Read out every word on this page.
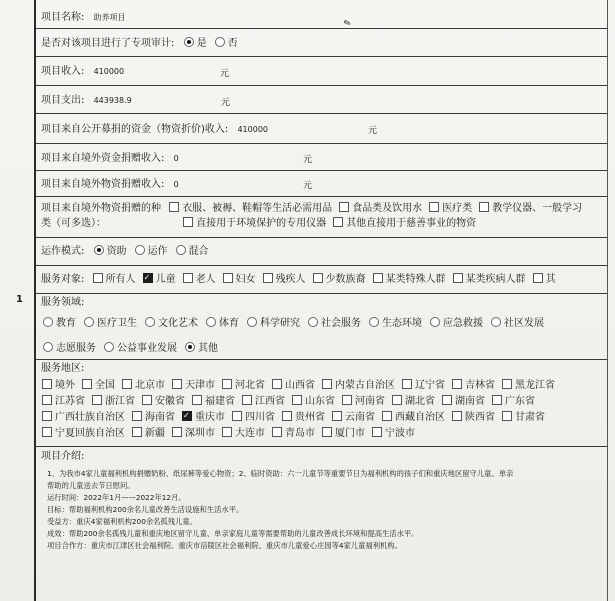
1
✎
项目名称: 助养项目
是否对该项目进行了专项审计: 是 否
项目收入: 410000	元
项目支出: 443938.9	元
项目来自公开募捐的资金（物资折价)收入: 410000	元
项目来自境外资金捐赠收入: 0	元
项目来自境外物资捐赠收入: 0	元
项目来自境外物资捐赠的种 衣服、被褥、鞋帽等生活必需用品 食品类及饮用水 医疗类 教学仪器、一般学习
类（可多选）：	直接用于环境保护的专用仪器 其他直接用于慈善事业的物资
运作模式: 资助 运作 混合
服务对象: 所有人 ✓ 儿童 老人 妇女 残疾人 少数族裔 某类特殊人群 某类疾病人群 其
服务领域:
教育 医疗卫生 文化艺术 体育 科学研究 社会服务 生态环境 应急救援 社区发展
志愿服务 公益事业发展 其他
服务地区:
境外 全国 北京市 天津市 河北省 山西省 内蒙古自治区 辽宁省 吉林省 黑龙江省
江苏省 浙江省 安徽省 福建省 江西省 山东省 河南省 湖北省 湖南省 广东省
广西壮族自治区 海南省 ✓ 重庆市 四川省 贵州省 云南省 西藏自治区 陕西省 甘肃省
宁夏回族自治区 新疆 深圳市 大连市 青岛市 厦门市 宁波市
项目介绍:

1、为我市4家儿童福利机构捐赠奶粉、纸尿裤等爱心物资；2、临时资助：六一儿童节等重要节日为福利机构的孩子们和重庆地区留守儿童、单亲

帮助的儿童送去节日慰问。

运行时间：2022年1月——2022年12月。

目标：帮助福利机构200余名儿童改善生活设施和生活水平。

受益方：重庆4家福利机构200余名孤残儿童。

成效：帮助200余名孤残儿童和重庆地区留守儿童、单亲家庭儿童等需要帮助的儿童改善成长环境和提高生活水平。

项目合作方：重庆市江津区社会福利院、重庆市涪陵区社会福利院、重庆市儿童爱心庄园等4家儿童福利机构。
